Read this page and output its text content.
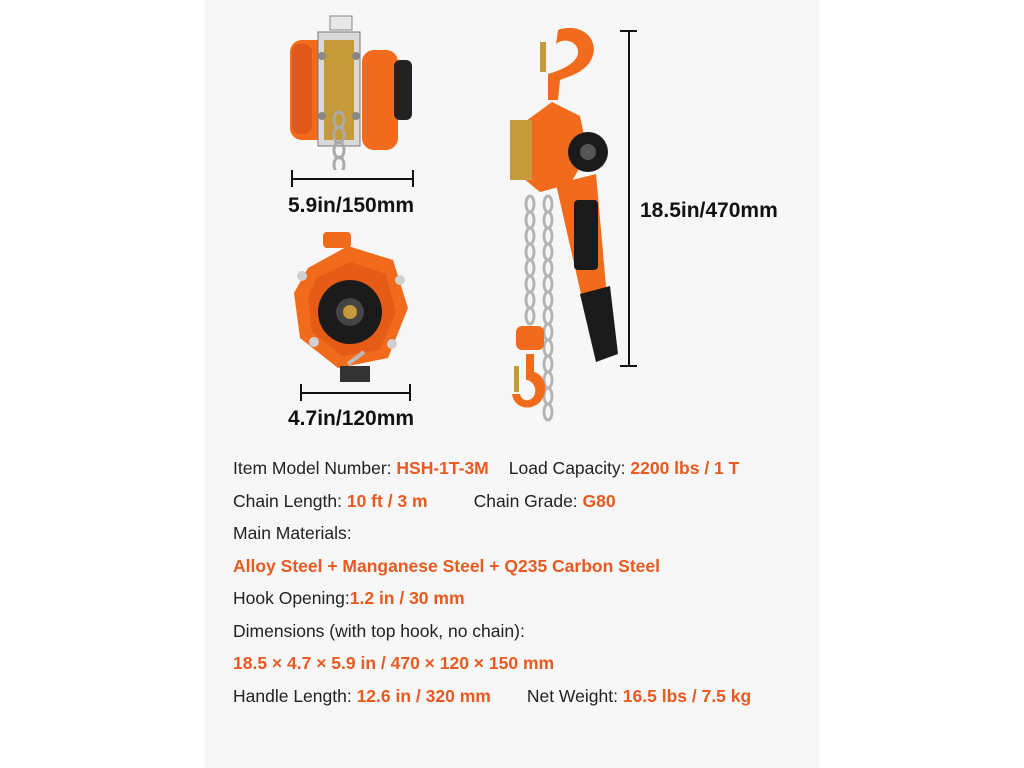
5.9in/150mm
4.7in/120mm
18.5in/470mm
Item Model Number: HSH-1T-3M Load Capacity: 2200 lbs / 1 T
Chain Length: 10 ft / 3 m	Chain Grade: G80
Main Materials:
Alloy Steel + Manganese Steel + Q235 Carbon Steel
Hook Opening:1.2 in / 30 mm
Dimensions (with top hook, no chain):
18.5 × 4.7 × 5.9 in / 470 × 120 × 150 mm
Handle Length: 12.6 in / 320 mm Net Weight: 16.5 lbs / 7.5 kg
